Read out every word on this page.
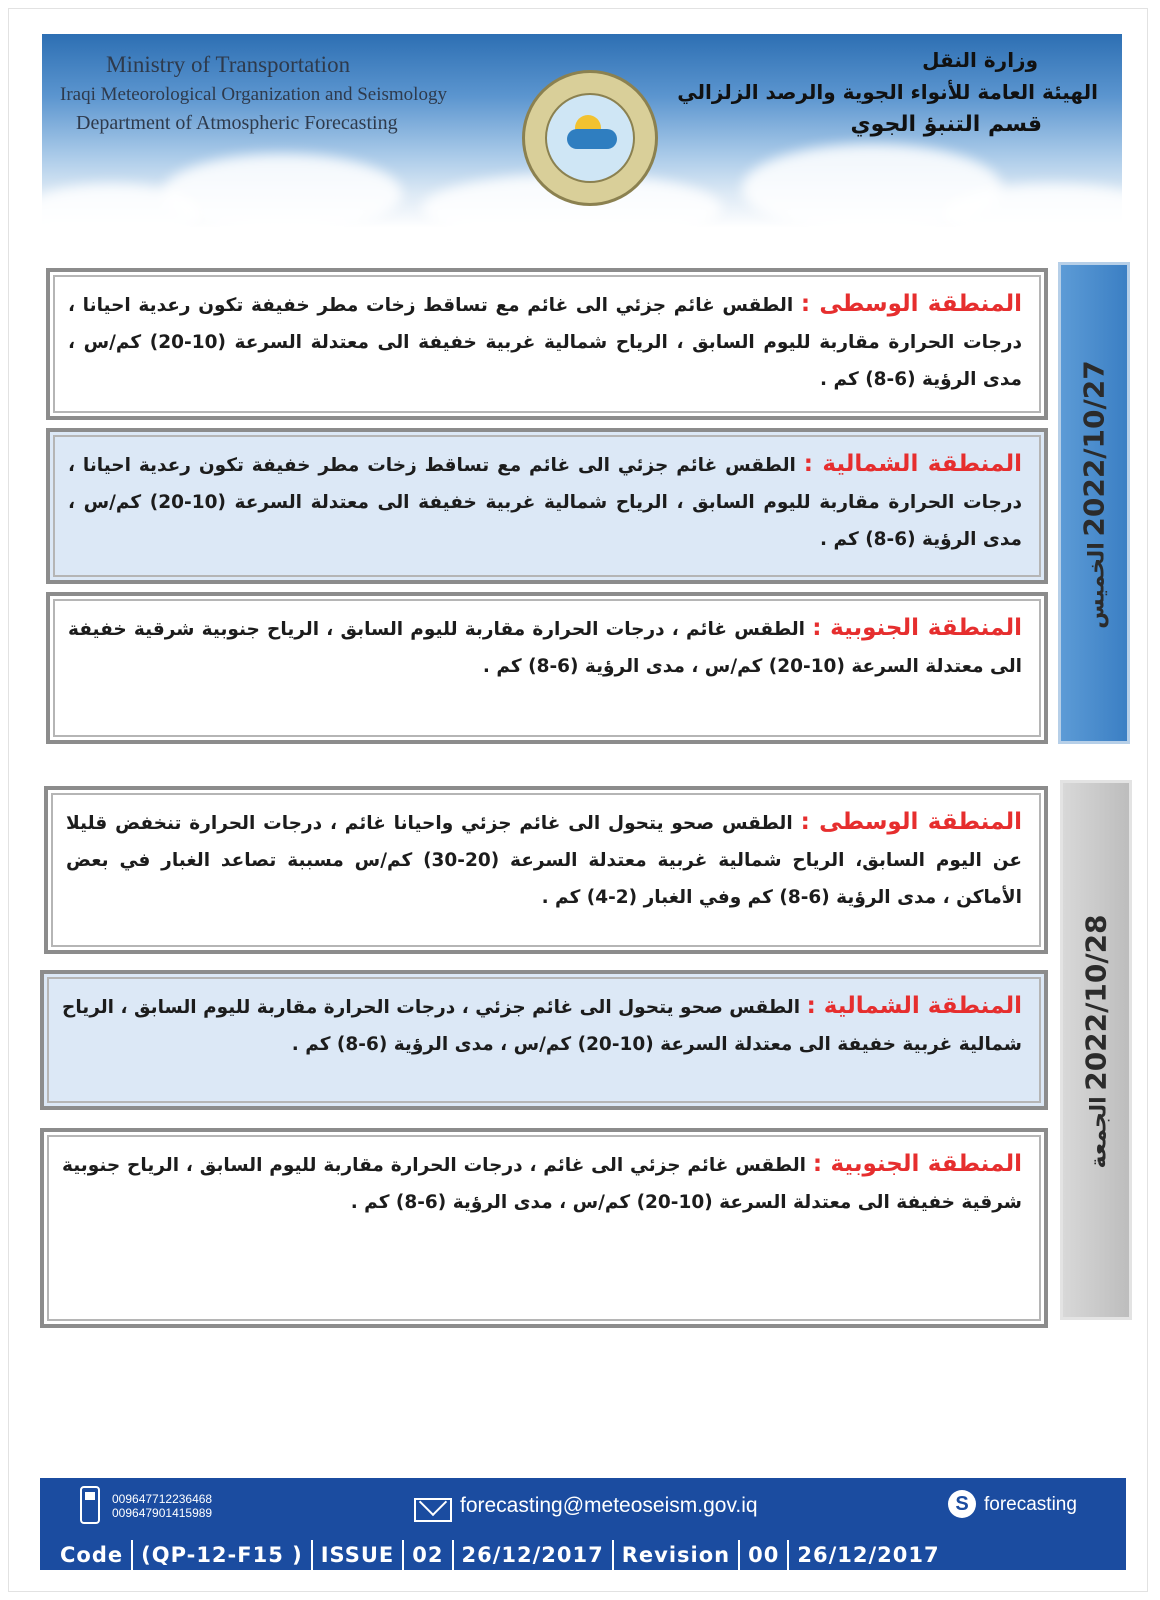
Ministry of Transportation
Iraqi Meteorological Organization and Seismology
Department of Atmospheric Forecasting
وزارة النقل
الهيئة العامة للأنواء الجوية والرصد الزلزالي
قسم التنبؤ الجوي
2022/10/27 الخميس

المنطقة الوسطى : الطقس غائم جزئي الى غائم مع تساقط زخات مطر خفيفة تكون رعدية احيانا ، درجات الحرارة مقاربة لليوم السابق ، الرياح شمالية غربية خفيفة الى معتدلة السرعة (10-20) كم/س ، مدى الرؤية (6-8) كم .

المنطقة الشمالية : الطقس غائم جزئي الى غائم مع تساقط زخات مطر خفيفة تكون رعدية احيانا ، درجات الحرارة مقاربة لليوم السابق ، الرياح شمالية غربية خفيفة الى معتدلة السرعة (10-20) كم/س ، مدى الرؤية (6-8) كم .

المنطقة الجنوبية : الطقس غائم ، درجات الحرارة مقاربة لليوم السابق ، الرياح جنوبية شرقية خفيفة الى معتدلة السرعة (10-20) كم/س ، مدى الرؤية (6-8) كم .

2022/10/28 الجمعة

المنطقة الوسطى : الطقس صحو يتحول الى غائم جزئي واحيانا غائم ، درجات الحرارة تنخفض قليلا عن اليوم السابق، الرياح شمالية غربية معتدلة السرعة (20-30) كم/س مسببة تصاعد الغبار في بعض الأماكن ، مدى الرؤية (6-8) كم وفي الغبار (2-4) كم .

المنطقة الشمالية : الطقس صحو يتحول الى غائم جزئي ، درجات الحرارة مقاربة لليوم السابق ، الرياح شمالية غربية خفيفة الى معتدلة السرعة (10-20) كم/س ، مدى الرؤية (6-8) كم .

المنطقة الجنوبية : الطقس غائم جزئي الى غائم ، درجات الحرارة مقاربة لليوم السابق ، الرياح جنوبية شرقية خفيفة الى معتدلة السرعة (10-20) كم/س ، مدى الرؤية (6-8) كم .

009647712236468
009647901415989	forecasting@meteoseism.gov.iq	S forecasting
Code (QP-12-F15 ) ISSUE 02 26/12/2017 Revision 00 26/12/2017
